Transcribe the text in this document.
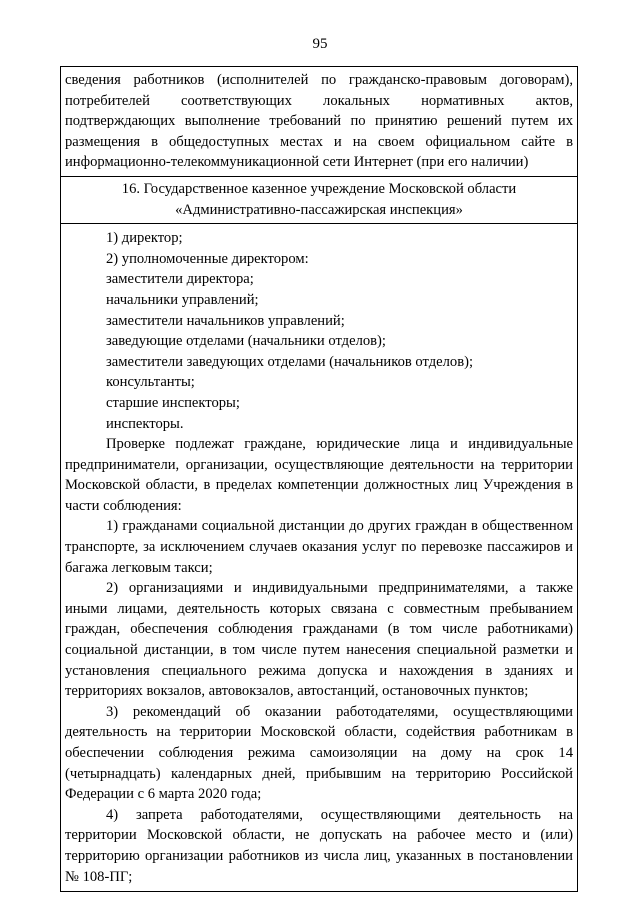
95

сведения работников (исполнителей по гражданско-правовым договорам),

потребителей соответствующих локальных нормативных актов,

подтверждающих выполнение требований по принятию решений путем их

размещения в общедоступных местах и на своем официальном сайте в

информационно-телекоммуникационной сети Интернет (при его наличии)

16. Государственное казенное учреждение Московской области

«Административно-пассажирская инспекция»

1) директор;

2) уполномоченные директором:

заместители директора;

начальники управлений;

заместители начальников управлений;

заведующие отделами (начальники отделов);

заместители заведующих отделами (начальников отделов);

консультанты;

старшие инспекторы;

инспекторы.

Проверке подлежат граждане, юридические лица и индивидуальные предприниматели, организации, осуществляющие деятельности на территории Московской области, в пределах компетенции должностных лиц Учреждения в части соблюдения:

1) гражданами социальной дистанции до других граждан в общественном транспорте, за исключением случаев оказания услуг по перевозке пассажиров и багажа легковым такси;

2) организациями и индивидуальными предпринимателями, а также иными лицами, деятельность которых связана с совместным пребыванием граждан, обеспечения соблюдения гражданами (в том числе работниками) социальной дистанции, в том числе путем нанесения специальной разметки и установления специального режима допуска и нахождения в зданиях и территориях вокзалов, автовокзалов, автостанций, остановочных пунктов;

3) рекомендаций об оказании работодателями, осуществляющими деятельность на территории Московской области, содействия работникам в обеспечении соблюдения режима самоизоляции на дому на срок 14 (четырнадцать) календарных дней, прибывшим на территорию Российской Федерации с 6 марта 2020 года;

4) запрета работодателями, осуществляющими деятельность на территории Московской области, не допускать на рабочее место и (или) территорию организации работников из числа лиц, указанных в постановлении № 108-ПГ;
